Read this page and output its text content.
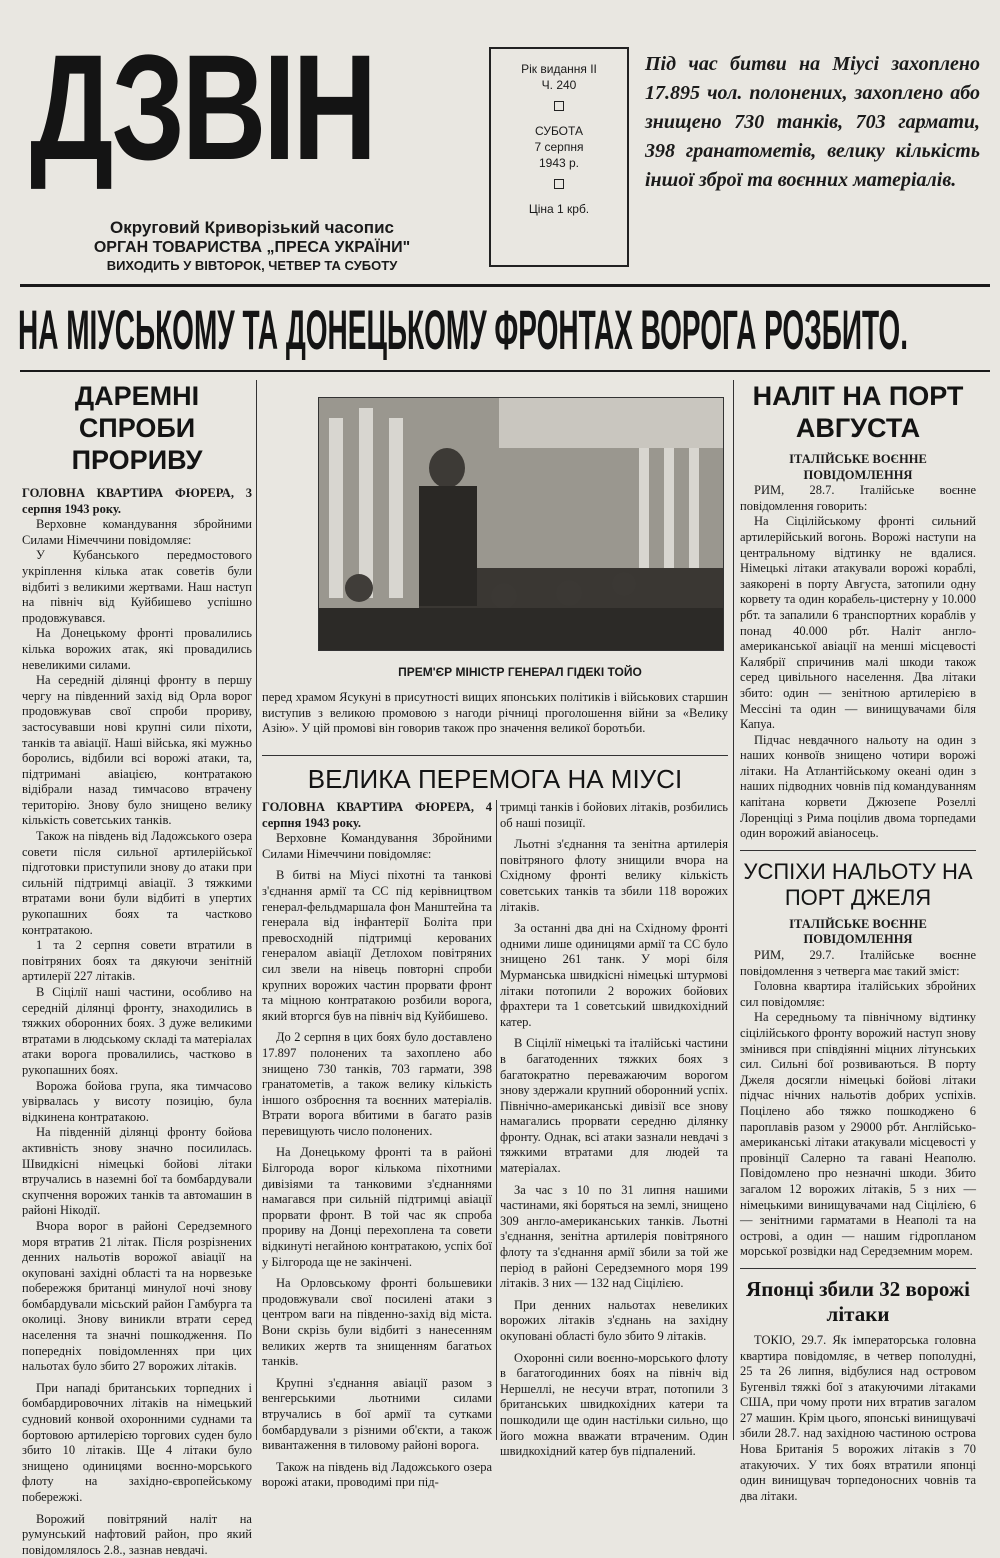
ДЗВІН
Округовий Криворізький часопис
ОРГАН ТОВАРИСТВА „ПРЕСА УКРАЇНИ"
ВИХОДИТЬ У ВІВТОРОК, ЧЕТВЕР ТА СУБОТУ
Рік видання II
Ч. 240
СУБОТА
7 серпня
1943 р.
Ціна 1 крб.
Під час битви на Міусі захоплено 17.895 чол. полонених, захоплено або знищено 730 танків, 703 гармати, 398 гранатометів, велику кількість іншої зброї та воєнних матеріалів.
НА МІУСЬКОМУ ТА ДОНЕЦЬКОМУ ФРОНТАХ ВОРОГА РОЗБИТО.
ДАРЕМНІ СПРОБИ ПРОРИВУ

ГОЛОВНА КВАРТИРА ФЮРЕРА, 3 серпня 1943 року.

Верховне командування збройними Силами Німеччини повідомляє:

У Кубанського передмостового укріплення кілька атак советів були відбиті з великими жертвами. Наш наступ на північ від Куйбишево успішно продовжувався.

На Донецькому фронті провалились кілька ворожих атак, які провадились невеликими силами.

На середній ділянці фронту в першу чергу на південний захід від Орла ворог продовжував свої спроби прориву, застосувавши нові крупні сили піхоти, танків та авіації. Наші війська, які мужньо боролись, відбили всі ворожі атаки, та, підтримані авіацією, контратакою відібрали назад тимчасово втрачену територію. Знову було знищено велику кількість советських танків.

Також на південь від Ладожського озера совети після сильної артилерійської підготовки приступили знову до атаки при сильній підтримці авіації. З тяжкими втратами вони були відбиті в упертих рукопашних боях та частково контратакою.

1 та 2 серпня совети втратили в повітряних боях та дякуючи зенітній артилерії 227 літаків.

В Сіцілії наші частини, особливо на середній ділянці фронту, знаходились в тяжких оборонних боях. З дуже великими втратами в людському складі та матеріалах атаки ворога провалились, частково в рукопашних боях.

Ворожа бойова група, яка тимчасово увірвалась у висоту позицію, була відкинена контратакою.

На південній ділянці фронту бойова активність знову значно посилилась. Швидкісні німецькі бойові літаки втручались в наземні бої та бомбардували скупчення ворожих танків та автомашин в районі Нікодії.

Вчора ворог в районі Середземного моря втратив 21 літак. Після розрізнених денних нальотів ворожої авіації на окуповані західні області та на норвезьке побережжя британці минулої ночі знову бомбардували місьский район Гамбурга та околиці. Знову виникли втрати серед населення та значні пошкодження. По попередніх повідомленнях при цих нальотах було збито 27 ворожих літаків.

При нападі британських торпедних і бомбардировочних літаків на німецький судновий конвой охоронними суднами та бортовою артилерією торгових суден було збито 10 літаків. Ще 4 літаки було знищено одиницями воєнно-морського флоту на західно-європейському побережжі.

Ворожий повітряний наліт на румунський нафтовий район, про який повідомлялось 2.8., зазнав невдачі.

ПРЕМ'ЄР МІНІСТР ГЕНЕРАЛ ГІДЕКІ ТОЙО
перед храмом Ясукуні в присутності вищих японських політиків і військових старшин виступив з великою промовою з нагоди річниці проголошення війни за «Велику Азію». У цій промові він говорив також про значення великої боротьби.
ВЕЛИКА ПЕРЕМОГА НА МІУСІ

ГОЛОВНА КВАРТИРА ФЮРЕРА, 4 серпня 1943 року.

Верховне Командування Збройними Силами Німеччини повідомляє:

В битві на Міусі піхотні та танкові з'єднання армії та СС під керівництвом генерал-фельдмаршала фон Манштейна та генерала від інфантерії Болітa при превосходній підтримці керованих генералом авіації Детлохом повітряних сил звели на нівець повторні спроби крупних ворожих частин прорвати фронт та міцною контратакою розбили ворога, який вторгся був на північ від Куйбишево.

До 2 серпня в цих боях було доставлено 17.897 полонених та захоплено або знищено 730 танків, 703 гармати, 398 гранатометів, а також велику кількість іншого озброєння та воєнних матеріалів. Втрати ворога вбитими в багато разів перевищують число полонених.

На Донецькому фронті та в районі Білгорода ворог кількома піхотними дивізіями та танковими з'єднаннями намагався при сильній підтримці авіації прорвати фронт. В той час як спроба прориву на Донці перехоплена та совети відкинуті негайною контратакою, успіх бої у Білгорода ще не закінчені.

На Орловському фронті большевики продовжували свої посилені атаки з центром ваги на південно-захід від міста. Вони скрізь були відбиті з нанесенням великих жертв та знищенням багатьох танків.

Крупні з'єднання авіації разом з венгерськими льотними силами втручались в бої армії та сутками бомбардували з різними об'єкти, а також вивантаження в тиловому районі ворога.

Також на південь від Ладожського озера ворожі атаки, проводимі при під-

тримці танків і бойових літаків, розбились об наші позиції.

Льотні з'єднання та зенітна артилерія повітряного флоту знищили вчора на Східному фронті велику кількість советських танків та збили 118 ворожих літаків.

За останні два дні на Східному фронті одними лише одиницями армії та СС було знищено 261 танк. У морі біля Мурманська швидкісні німецькі штурмові літаки потопили 2 ворожих бойових фрахтери та 1 советський швидкохідний катер.

В Сіцілії німецькі та італійські частини в багатоденних тяжких боях з багатократно переважаючим ворогом знову здержали крупний оборонний успіх. Північно-американські дивізії все знову намагались прорвати середню ділянку фронту. Однак, всі атаки зазнали невдачі з тяжкими втратами для людей та матеріалах.

За час з 10 по 31 липня нашими частинами, які боряться на землі, знищено 309 англо-американських танків. Льотні з'єднання, зенітна артилерія повітряного флоту та з'єднання армії збили за той же період в районі Середземного моря 199 літаків. З них — 132 над Сіцілією.

При денних нальотах невеликих ворожих літаків з'єднань на західну окуповані області було збито 9 літаків.

Охоронні сили воєнно-морського флоту в багатогодинних боях на північ від Нершеллі, не несучи втрат, потопили 3 британських швидкохідних катери та пошкодили ще один настільки сильно, що його можна вважати втраченим. Один швидкохідний катер був підпалений.

НАЛІТ НА ПОРТ АВГУСТА

ІТАЛІЙСЬКЕ ВОЄННЕ ПОВІДОМЛЕННЯ

РИМ, 28.7. Італійське воєнне повідомлення говорить:

На Сіцілійському фронті сильний артилерійський вогонь. Ворожі наступи на центральному відтинку не вдалися. Німецькі літаки атакували ворожі кораблі, заякорені в порту Августа, затопили одну корвету та один корабель-цистерну у 10.000 рбт. та запалили 6 транспортних кораблів у понад 40.000 рбт. Наліт англо-американської авіації на менші місцевості Калябрії спричинив малі шкоди також серед цивільного населення. Два літаки збито: один — зенітною артилерією в Мессіні та один — винищувачами біля Капуа.

Підчас невдачного нальоту на один з наших конвоїв знищено чотири ворожі літаки. На Атлантійському океані один з наших підводних човнів під командуванням капітана корвети Джюзепе Розеллі Лоренціці з Рима поцілив двома торпедами один ворожий авіаносець.

УСПІХИ НАЛЬОТУ НА ПОРТ ДЖЕЛЯ

ІТАЛІЙСЬКЕ ВОЄННЕ ПОВІДОМЛЕННЯ

РИМ, 29.7. Італійське воєнне повідомлення з четверга має такий зміст:

Головна квартира італійських збройних сил повідомляє:

На середньому та північному відтинку сіцілійського фронту ворожий наступ знову змінився при співдіянні міцних літунських сил. Сильні бої розвиваються. В порту Джеля досягли німецькі бойові літаки підчас нічних нальотів добрих успіхів. Поцілено або тяжко пошкоджено 6 пароплавів разом у 29000 рбт. Англійсько-американські літаки атакували місцевості у провінції Салерно та гавані Неаполю. Повідомлено про незначні шкоди. Збито загалом 12 ворожих літаків, 5 з них — німецькими винищувачами над Сіцілією, 6 — зенітними гарматами в Неаполі та на острові, а один — нашим гідропланом морської розвідки над Середземним морем.

Японці збили 32 ворожі літаки

ТОКІО, 29.7. Як імператорська головна квартира повідомляє, в четвер пополудні, 25 та 26 липня, відбулися над островом Бугенвіл тяжкі бої з атакуючими літаками США, при чому проти них втратив загалом 27 машин. Крім цього, японські винищувачі збили 28.7. над західною частиною острова Нова Британія 5 ворожих літаків з 70 атакуючих. У тих боях втратили японці один винищувач торпедоносних човнів та два літаки.
